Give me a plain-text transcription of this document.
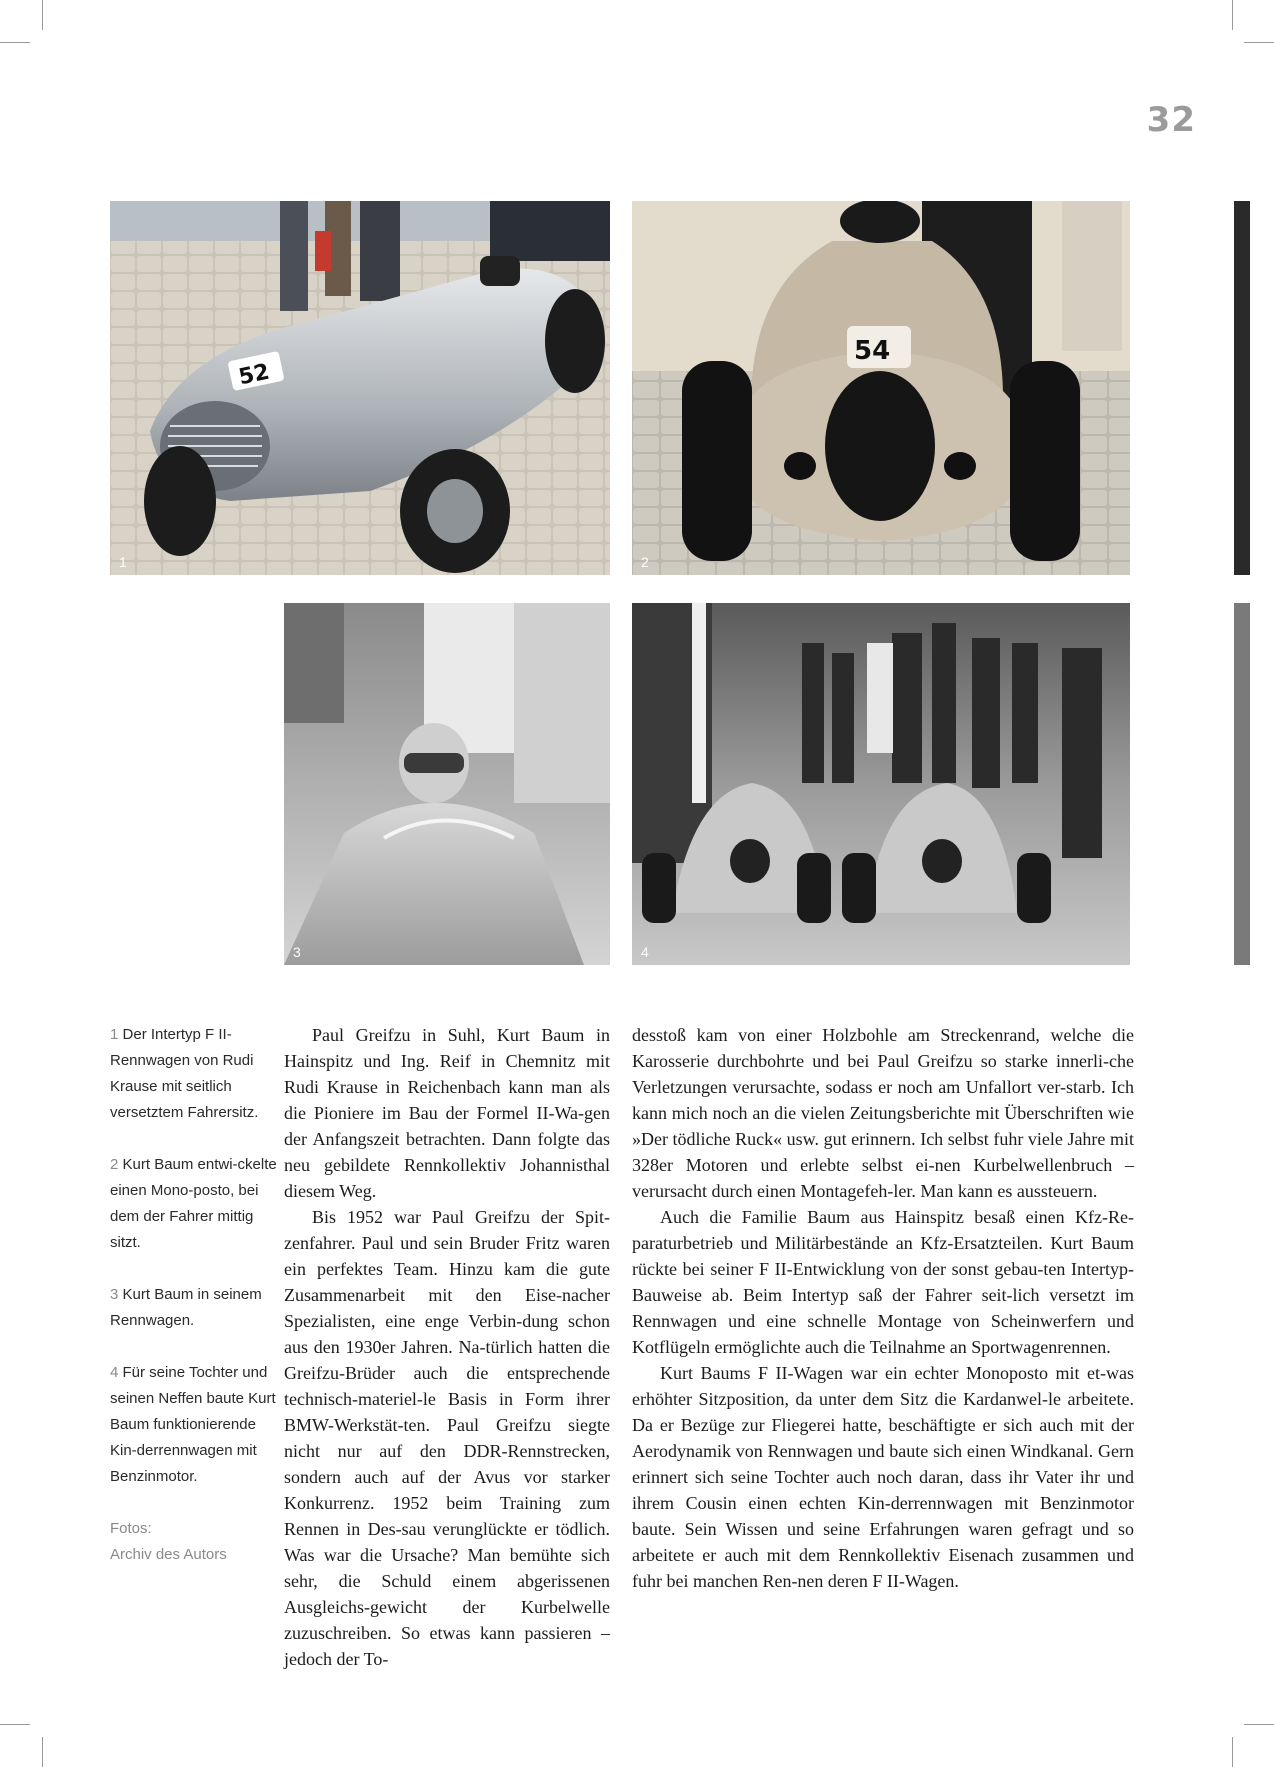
32
52
1
54
2
3	4

1 Der Intertyp F II-Rennwagen von Rudi Krause mit seitlich versetztem Fahrersitz.

2 Kurt Baum entwi-ckelte einen Mono-posto, bei dem der Fahrer mittig sitzt.

3 Kurt Baum in seinem Rennwagen.

4 Für seine Tochter und seinen Neffen baute Kurt Baum funktionierende Kin-derrennwagen mit Benzinmotor.

Fotos:
Archiv des Autors

Paul Greifzu in Suhl, Kurt Baum in Hainspitz und Ing. Reif in Chemnitz mit Rudi Krause in Reichenbach kann man als die Pioniere im Bau der Formel II-Wa-gen der Anfangszeit betrachten. Dann folgte das neu gebildete Rennkollektiv Johannisthal diesem Weg.

Bis 1952 war Paul Greifzu der Spit-zenfahrer. Paul und sein Bruder Fritz waren ein perfektes Team. Hinzu kam die gute Zusammenarbeit mit den Eise-nacher Spezialisten, eine enge Verbin-dung schon aus den 1930er Jahren. Na-türlich hatten die Greifzu-Brüder auch die entsprechende technisch-materiel-le Basis in Form ihrer BMW-Werkstät-ten. Paul Greifzu siegte nicht nur auf den DDR-Rennstrecken, sondern auch auf der Avus vor starker Konkurrenz. 1952 beim Training zum Rennen in Des-sau verunglückte er tödlich. Was war die Ursache? Man bemühte sich sehr, die Schuld einem abgerissenen Ausgleichs-gewicht der Kurbelwelle zuzuschreiben. So etwas kann passieren – jedoch der To-

desstoß kam von einer Holzbohle am Streckenrand, welche die Karosserie durchbohrte und bei Paul Greifzu so starke innerli-che Verletzungen verursachte, sodass er noch am Unfallort ver-starb. Ich kann mich noch an die vielen Zeitungsberichte mit Überschriften wie »Der tödliche Ruck« usw. gut erinnern. Ich selbst fuhr viele Jahre mit 328er Motoren und erlebte selbst ei-nen Kurbelwellenbruch – verursacht durch einen Montagefeh-ler. Man kann es aussteuern.

Auch die Familie Baum aus Hainspitz besaß einen Kfz-Re-paraturbetrieb und Militärbestände an Kfz-Ersatzteilen. Kurt Baum rückte bei seiner F II-Entwicklung von der sonst gebau-ten Intertyp-Bauweise ab. Beim Intertyp saß der Fahrer seit-lich versetzt im Rennwagen und eine schnelle Montage von Scheinwerfern und Kotflügeln ermöglichte auch die Teilnahme an Sportwagenrennen.

Kurt Baums F II-Wagen war ein echter Monoposto mit et-was erhöhter Sitzposition, da unter dem Sitz die Kardanwel-le arbeitete. Da er Bezüge zur Fliegerei hatte, beschäftigte er sich auch mit der Aerodynamik von Rennwagen und baute sich einen Windkanal. Gern erinnert sich seine Tochter auch noch daran, dass ihr Vater ihr und ihrem Cousin einen echten Kin-derrennwagen mit Benzinmotor baute. Sein Wissen und seine Erfahrungen waren gefragt und so arbeitete er auch mit dem Rennkollektiv Eisenach zusammen und fuhr bei manchen Ren-nen deren F II-Wagen.
